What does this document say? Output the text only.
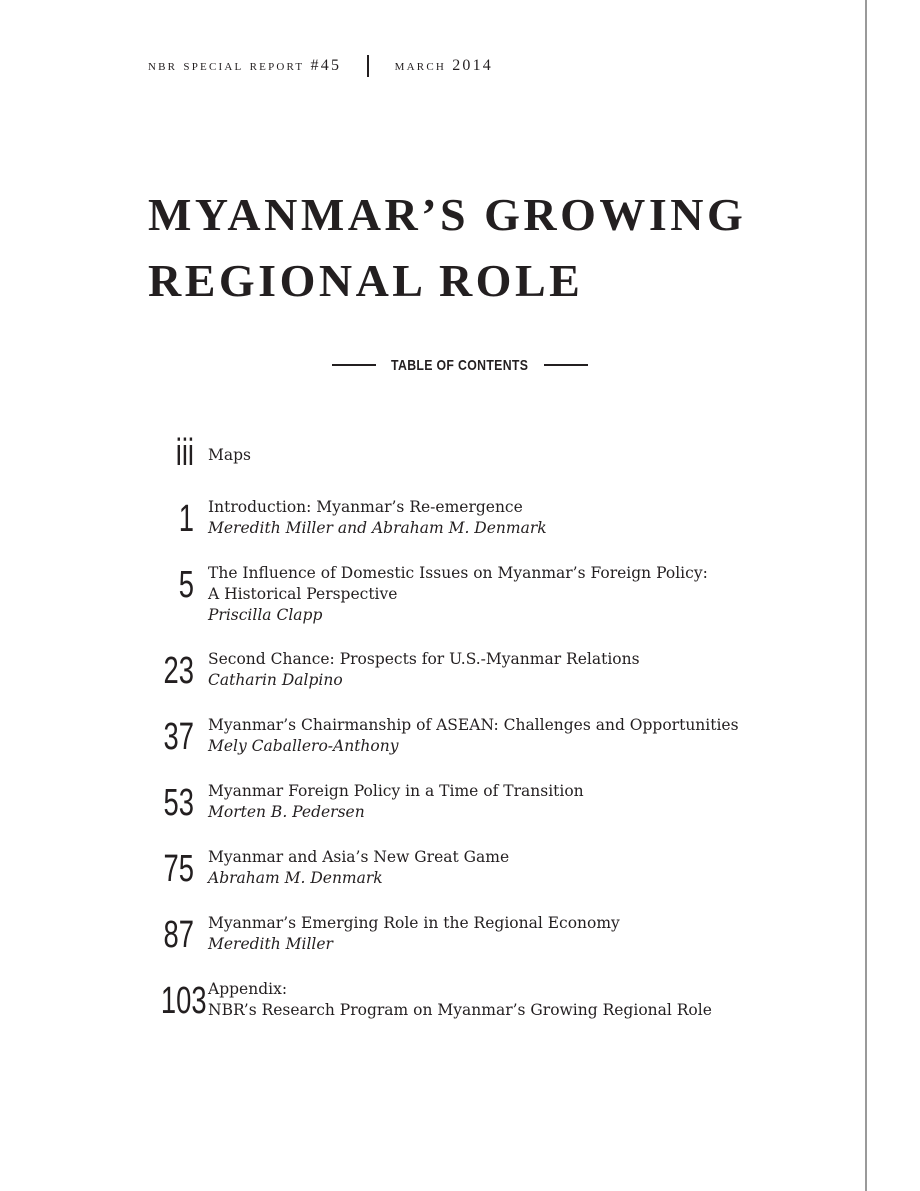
nbr special report #45	march 2014
MYANMAR’S GROWING
REGIONAL ROLE
TABLE OF CONTENTS
iii Maps
1 Introduction: Myanmar’s Re-emergence
Meredith Miller and Abraham M. Denmark
5 The Influence of Domestic Issues on Myanmar’s Foreign Policy:
A Historical Perspective
Priscilla Clapp
23 Second Chance: Prospects for U.S.-Myanmar Relations
Catharin Dalpino
37 Myanmar’s Chairmanship of ASEAN: Challenges and Opportunities
Mely Caballero-Anthony
53 Myanmar Foreign Policy in a Time of Transition
Morten B. Pedersen
75 Myanmar and Asia’s New Great Game
Abraham M. Denmark
87 Myanmar’s Emerging Role in the Regional Economy
Meredith Miller
103 Appendix:
NBR’s Research Program on Myanmar’s Growing Regional Role
